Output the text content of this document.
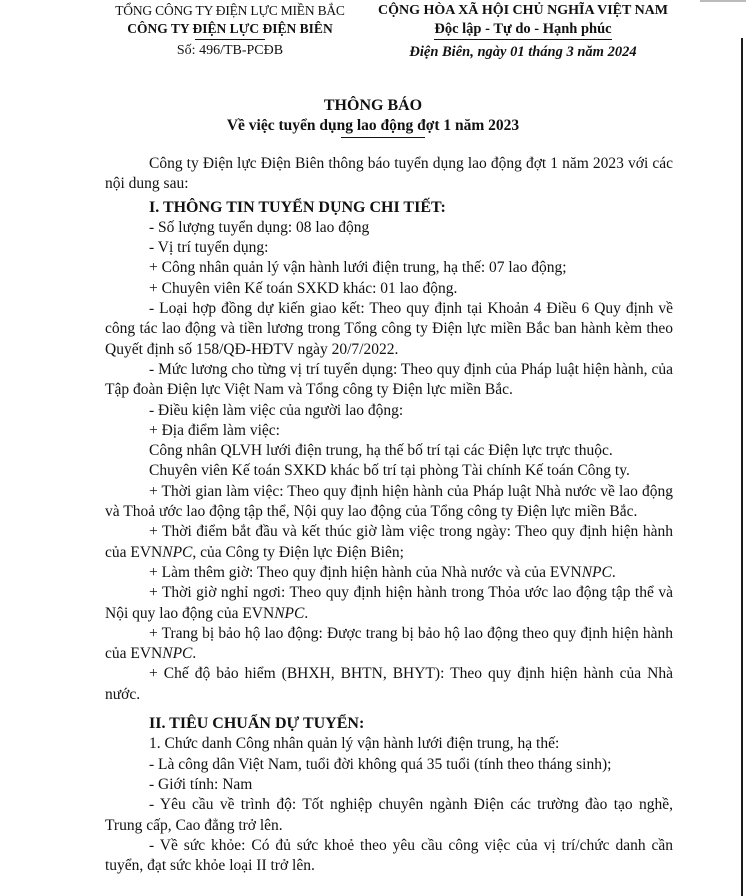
TỔNG CÔNG TY ĐIỆN LỰC MIỀN BẮC
CÔNG TY ĐIỆN LỰC ĐIỆN BIÊN
Số: 496/TB-PCĐB
CỘNG HÒA XÃ HỘI CHỦ NGHĨA VIỆT NAM
Độc lập - Tự do - Hạnh phúc
Điện Biên, ngày 01 tháng 3 năm 2024
THÔNG BÁO
Về việc tuyển dụng lao động đợt 1 năm 2023

Công ty Điện lực Điện Biên thông báo tuyển dụng lao động đợt 1 năm 2023 với các nội dung sau:

I. THÔNG TIN TUYỂN DỤNG CHI TIẾT:

- Số lượng tuyển dụng: 08 lao động

- Vị trí tuyển dụng:

+ Công nhân quản lý vận hành lưới điện trung, hạ thế: 07 lao động;

+ Chuyên viên Kế toán SXKD khác: 01 lao động.

- Loại hợp đồng dự kiến giao kết: Theo quy định tại Khoản 4 Điều 6 Quy định về công tác lao động và tiền lương trong Tổng công ty Điện lực miền Bắc ban hành kèm theo Quyết định số 158/QĐ-HĐTV ngày 20/7/2022.

- Mức lương cho từng vị trí tuyển dụng: Theo quy định của Pháp luật hiện hành, của Tập đoàn Điện lực Việt Nam và Tổng công ty Điện lực miền Bắc.

- Điều kiện làm việc của người lao động:

+ Địa điểm làm việc:

Công nhân QLVH lưới điện trung, hạ thế bố trí tại các Điện lực trực thuộc.

Chuyên viên Kế toán SXKD khác bố trí tại phòng Tài chính Kế toán Công ty.

+ Thời gian làm việc: Theo quy định hiện hành của Pháp luật Nhà nước về lao động và Thoả ước lao động tập thể, Nội quy lao động của Tổng công ty Điện lực miền Bắc.

+ Thời điểm bắt đầu và kết thúc giờ làm việc trong ngày: Theo quy định hiện hành của EVNNPC, của Công ty Điện lực Điện Biên;

+ Làm thêm giờ: Theo quy định hiện hành của Nhà nước và của EVNNPC.

+ Thời giờ nghỉ ngơi: Theo quy định hiện hành trong Thỏa ước lao động tập thể và Nội quy lao động của EVNNPC.

+ Trang bị bảo hộ lao động: Được trang bị bảo hộ lao động theo quy định hiện hành của EVNNPC.

+ Chế độ bảo hiểm (BHXH, BHTN, BHYT): Theo quy định hiện hành của Nhà nước.

II. TIÊU CHUẨN DỰ TUYỂN:

1. Chức danh Công nhân quản lý vận hành lưới điện trung, hạ thế:

- Là công dân Việt Nam, tuổi đời không quá 35 tuổi (tính theo tháng sinh);

- Giới tính: Nam

- Yêu cầu về trình độ: Tốt nghiệp chuyên ngành Điện các trường đào tạo nghề, Trung cấp, Cao đẳng trở lên.

- Về sức khỏe: Có đủ sức khoẻ theo yêu cầu công việc của vị trí/chức danh cần tuyển, đạt sức khỏe loại II trở lên.
